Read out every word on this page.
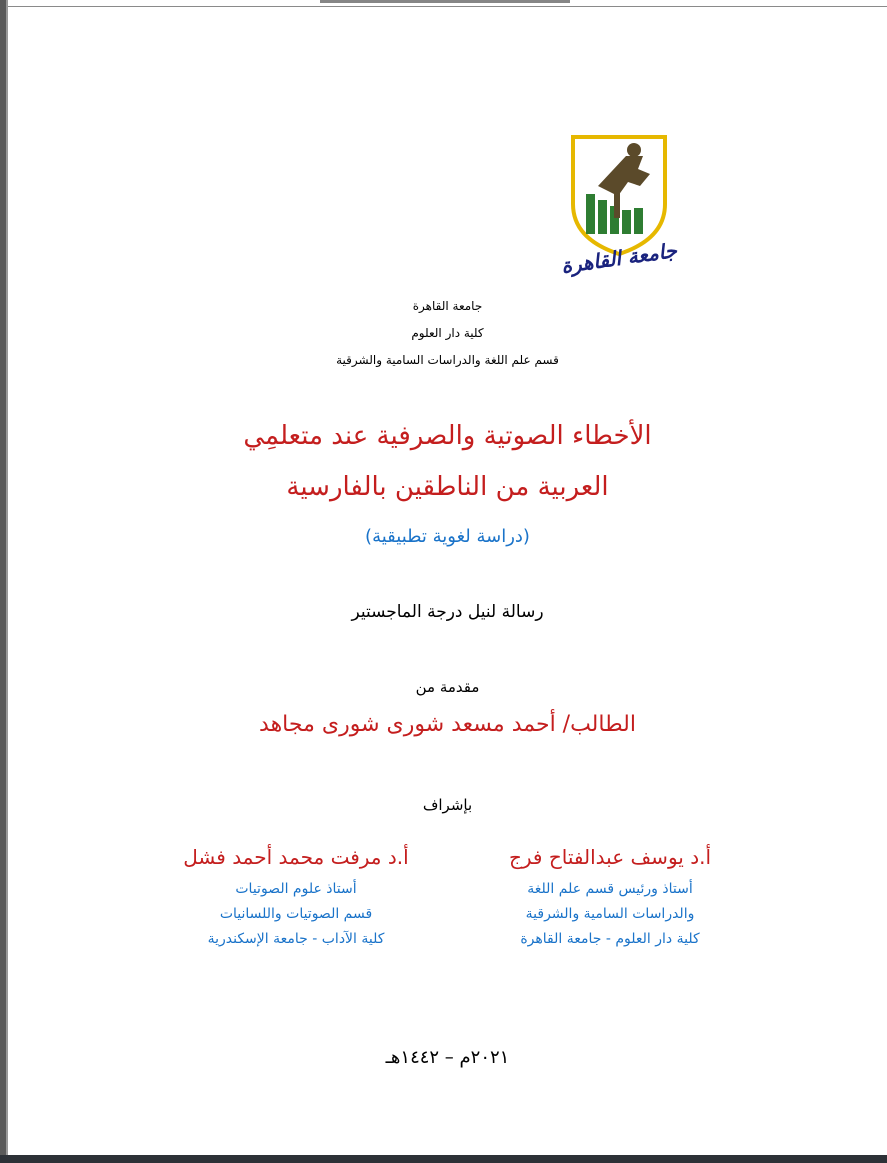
جامعة القاهرة
جامعة القاهرة
كلية دار العلوم
قسم علم اللغة والدراسات السامية والشرقية
الأخطاء الصوتية والصرفية عند متعلمِي
العربية من الناطقين بالفارسية
(دراسة لغوية تطبيقية)
رسالة لنيل درجة الماجستير
مقدمة من
الطالب/ أحمد مسعد شورى شورى مجاهد
بإشراف
أ.د يوسف عبدالفتاح فرج
أستاذ ورئيس قسم علم اللغة
والدراسات السامية والشرقية
كلية دار العلوم - جامعة القاهرة
أ.د مرفت محمد أحمد فشل
أستاذ علوم الصوتيات
قسم الصوتيات واللسانيات
كلية الآداب - جامعة الإسكندرية
٢٠٢١م – ١٤٤٢هـ
